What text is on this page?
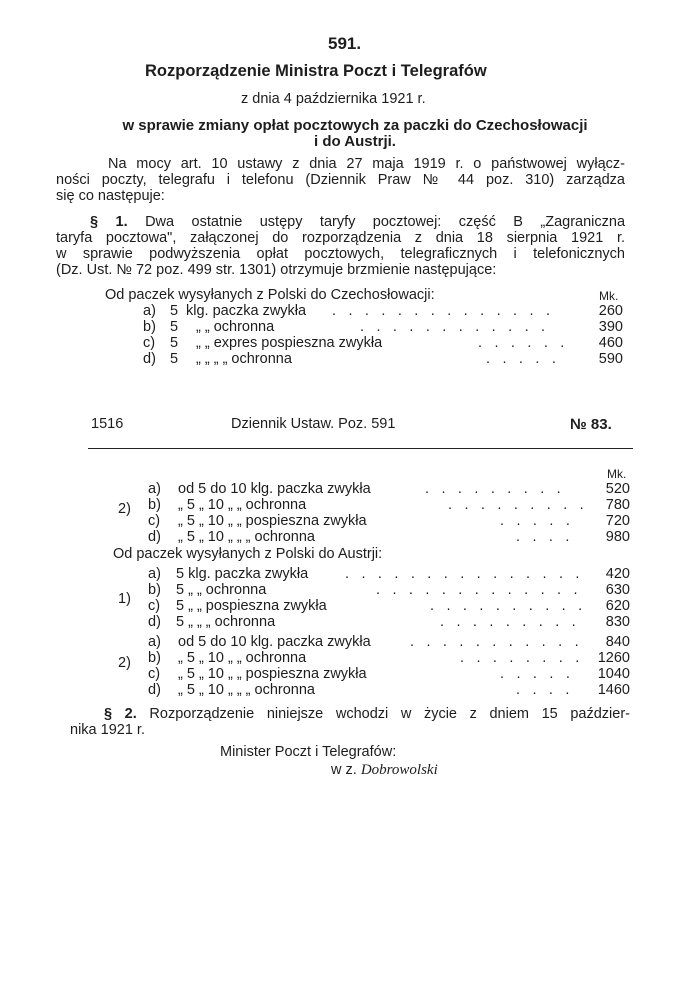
591.
Rozporządzenie Ministra Poczt i Telegrafów
z dnia 4 października 1921 r.
w sprawie zmiany opłat pocztowych za paczki do Czechosłowacji
i do Austrji.
Na mocy art. 10 ustawy z dnia 27 maja 1919 r. o państwowej wyłącz-
ności poczty, telegrafu i telefonu (Dziennik Praw № 44 poz. 310) zarządza
się co następuje:
§ 1. Dwa ostatnie ustępy taryfy pocztowej: część B „Zagraniczna
taryfa pocztowa", załączonej do rozporządzenia z dnia 18 sierpnia 1921 r.
w sprawie podwyższenia opłat pocztowych, telegraficznych i telefonicznych
(Dz. Ust. № 72 poz. 499 str. 1301) otrzymuje brzmienie następujące:
Od paczek wysyłanych z Polski do Czechosłowacji:	Mk.
a) 5 klg. paczka zwykła . . . . . . . . . . . . . .	260
b) 5 „ „ ochronna	. . . . . . . . . . . .	390
c) 5 „ „ expres pospieszna zwykła	. . . . . .	460
d) 5 „ „ „ „ ochronna	. . . . .	590
1516	Dziennik Ustaw. Poz. 591	№ 83.
Mk.
2)
a) od 5 do 10 klg. paczka zwykła	. . . . . . . . .	520
b) „ 5 „ 10 „ „ ochronna	. . . . . . . . .	780
c) „ 5 „ 10 „ „ pospieszna zwykła	. . . . .	720
d) „ 5 „ 10 „ „ „ ochronna	. . . .	980
Od paczek wysyłanych z Polski do Austrji:
1)
a) 5 klg. paczka zwykła	. . . . . . . . . . . . . . .	420
b) 5 „ „ ochronna	. . . . . . . . . . . . .	630
c) 5 „ „ pospieszna zwykła	. . . . . . . . . .	620
d) 5 „ „ „ ochronna	. . . . . . . . .	830
2)
a) od 5 do 10 klg. paczka zwykła	. . . . . . . . . . .	840
b) „ 5 „ 10 „ „ ochronna	. . . . . . . . 1260
c) „ 5 „ 10 „ „ pospieszna zwykła	. . . . .	1040
d) „ 5 „ 10 „ „ „ ochronna	. . . .	1460
§ 2. Rozporządzenie niniejsze wchodzi w życie z dniem 15 paździer-
nika 1921 r.
Minister Poczt i Telegrafów:
w z. Dobrowolski
